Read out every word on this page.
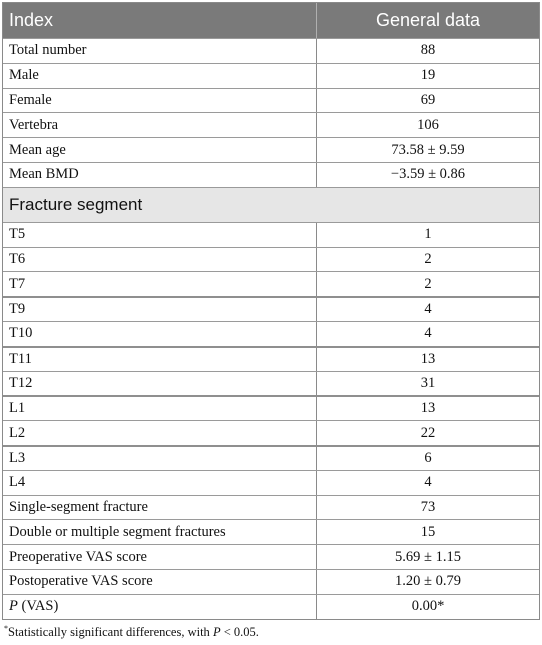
Index	General data
Total number	88
Male	19
Female	69
Vertebra	106
Mean age	73.58 ± 9.59
Mean BMD	−3.59 ± 0.86
Fracture segment
T5	1
T6	2
T7	2
T9	4
T10	4
T11	13
T12	31
L1	13
L2	22
L3	6
L4	4
Single-segment fracture	73
Double or multiple segment fractures	15
Preoperative VAS score	5.69 ± 1.15
Postoperative VAS score	1.20 ± 0.79
P (VAS)	0.00*
*Statistically significant differences, with P < 0.05.
